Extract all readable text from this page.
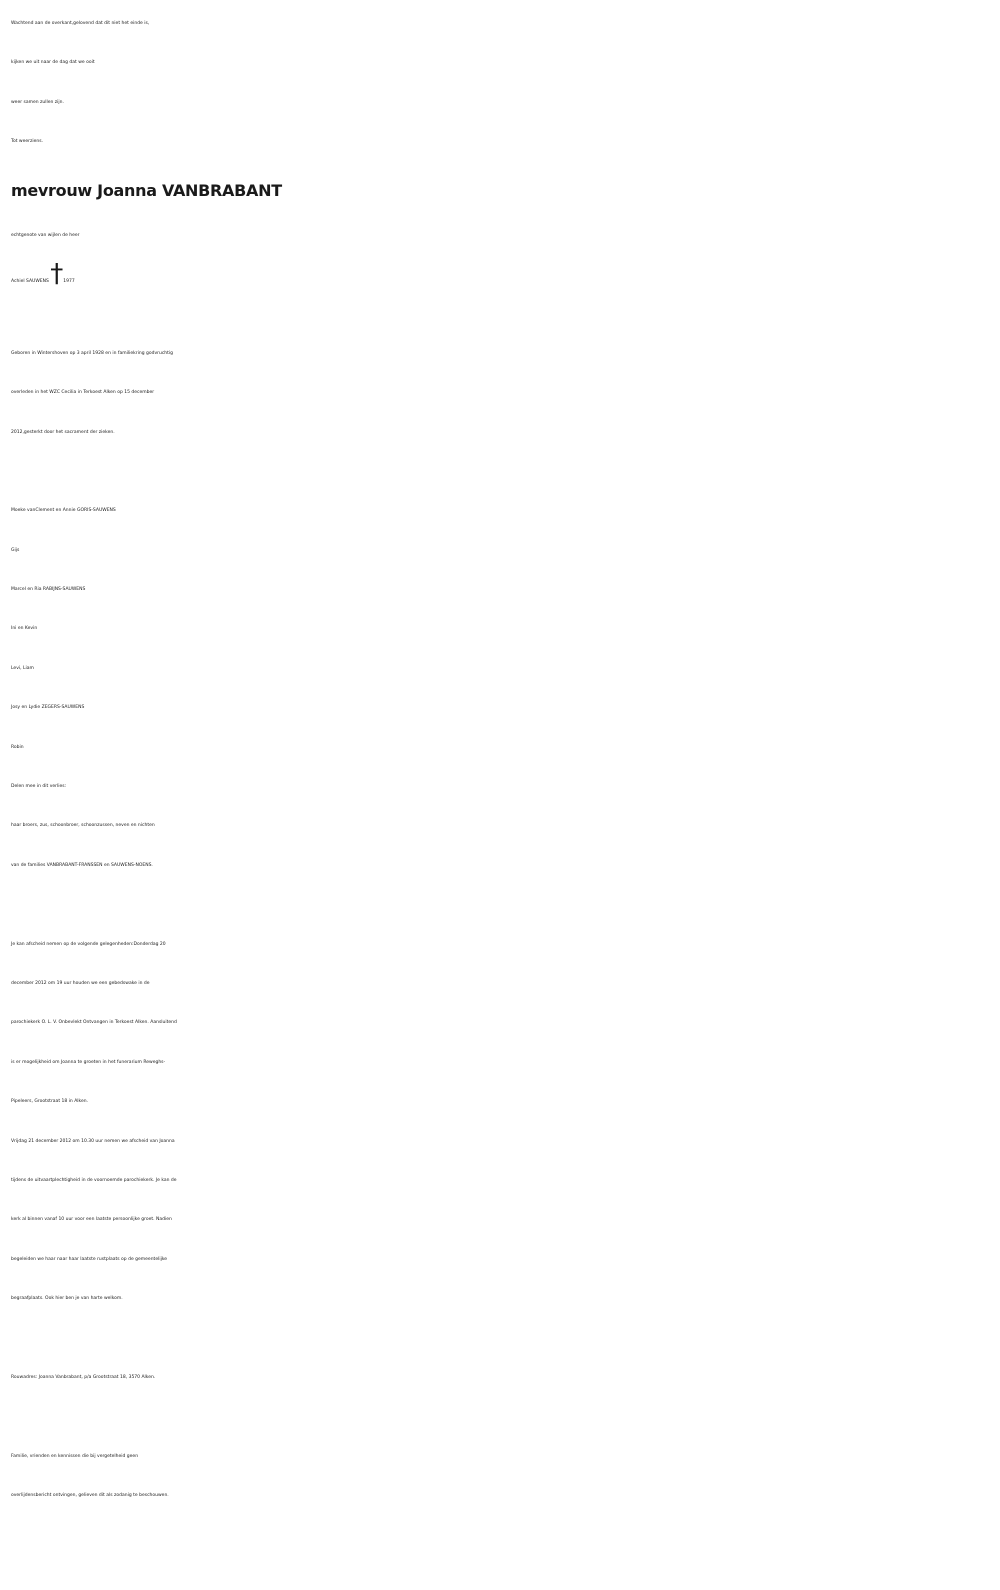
Wachtend aan de overkant,gelovend dat dit niet het einde is,
kijken we uit naar de dag dat we ooit
weer samen zullen zijn.
Tot weerziens.
mevrouw Joanna VANBRABANT
echtgenote van wijlen de heer
Achiel SAUWENS †1977
Geboren in Wintershoven op 3 april 1928 en in familiekring godvruchtig
overleden in het WZC Cecilia in Terkoest Alken op 15 december
2012,gesterkt door het sacrament der zieken.
Moeke vanClement en Annie GORIS-SAUWENS
Gijs
Marcel en Ria RABIJNS-SAUWENS
Ini en Kevin
Levi, Liam
Josy en Lydie ZEGERS-SAUWENS
Robin
Delen mee in dit verlies:
haar broers, zus, schoonbroer, schoonzussen, neven en nichten
van de families VANBRABANT-FRANSSEN en SAUWENS-NOENS.
Je kan afscheid nemen op de volgende gelegenheden:Donderdag 20
december 2012 om 19 uur houden we een gebedswake in de
parochiekerk O. L. V. Onbevlekt Ontvangen in Terkoest Alken. Aansluitend
is er mogelijkheid om Joanna te groeten in het funerarium Reweghs-
Pipeleers, Grootstraat 18 in Alken.
Vrijdag 21 december 2012 om 10.30 uur nemen we afscheid van Joanna
tijdens de uitvaartplechtigheid in de voornoemde parochiekerk. Je kan de
kerk al binnen vanaf 10 uur voor een laatste persoonlijke groet. Nadien
begeleiden we haar naar haar laatste rustplaats op de gemeentelijke
begraafplaats. Ook hier ben je van harte welkom.
Rouwadres: Joanna Vanbrabant, p/a Grootstraat 18, 3570 Alken.
Familie, vrienden en kennissen die bij vergetelheid geen
overlijdensbericht ontvingen, gelieven dit als zodanig te beschouwen.
